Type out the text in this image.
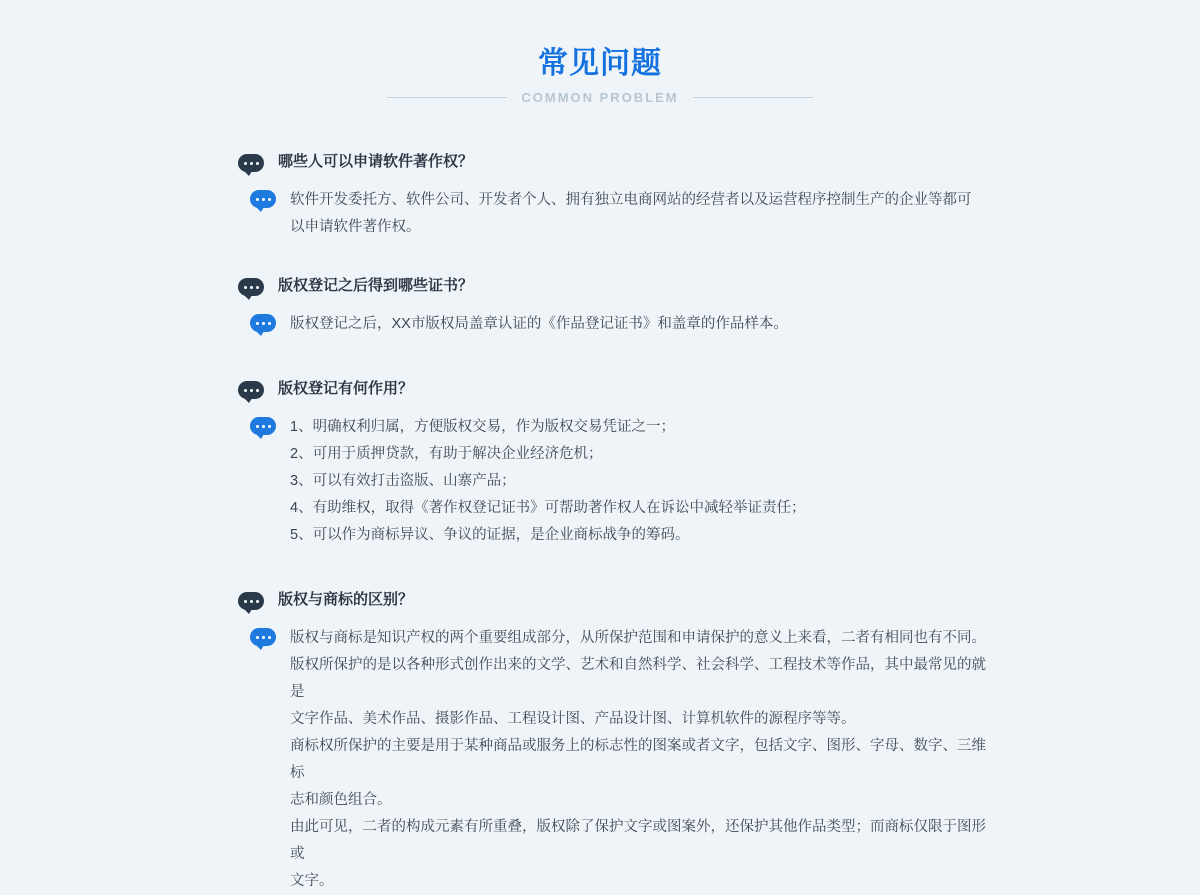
常见问题
COMMON PROBLEM
哪些人可以申请软件著作权？

软件开发委托方、软件公司、开发者个人、拥有独立电商网站的经营者以及运营程序控制生产的企业等都可

以申请软件著作权。

版权登记之后得到哪些证书？

版权登记之后，XX市版权局盖章认证的《作品登记证书》和盖章的作品样本。

版权登记有何作用？

1、明确权利归属，方便版权交易，作为版权交易凭证之一；

2、可用于质押贷款，有助于解决企业经济危机；

3、可以有效打击盗版、山寨产品；

4、有助维权，取得《著作权登记证书》可帮助著作权人在诉讼中减轻举证责任；

5、可以作为商标异议、争议的证据，是企业商标战争的筹码。

版权与商标的区别？

版权与商标是知识产权的两个重要组成部分，从所保护范围和申请保护的意义上来看，二者有相同也有不同。

版权所保护的是以各种形式创作出来的文学、艺术和自然科学、社会科学、工程技术等作品，其中最常见的就是

文字作品、美术作品、摄影作品、工程设计图、产品设计图、计算机软件的源程序等等。

商标权所保护的主要是用于某种商品或服务上的标志性的图案或者文字，包括文字、图形、字母、数字、三维标

志和颜色组合。

由此可见，二者的构成元素有所重叠，版权除了保护文字或图案外，还保护其他作品类型；而商标仅限于图形或

文字。
